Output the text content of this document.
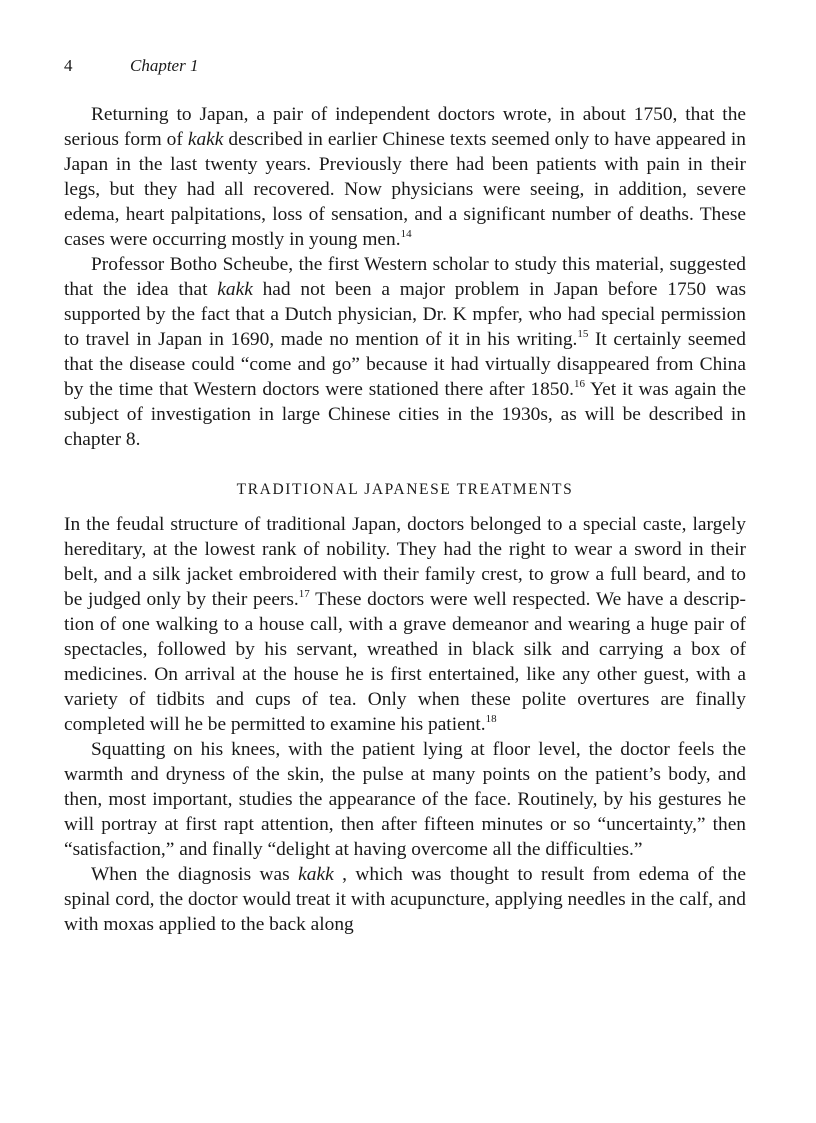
4	Chapter 1

Returning to Japan, a pair of independent doctors wrote, in about 1750, that the serious form of kakk described in earlier Chinese texts seemed only to have appeared in Japan in the last twenty years. Previously there had been patients with pain in their legs, but they had all recovered. Now physicians were seeing, in addition, severe edema, heart palpitations, loss of sensation, and a significant number of deaths. These cases were occurring mostly in young men.$^{14}$

Professor Botho Scheube, the first Western scholar to study this material, suggested that the idea that kakk had not been a major problem in Japan before 1750 was supported by the fact that a Dutch physician, Dr. K mpfer, who had special permission to travel in Japan in 1690, made no mention of it in his writing.$^{15}$ It certainly seemed that the disease could “come and go” because it had virtually disappeared from China by the time that Western doctors were stationed there after 1850.16 Yet it was again the subject of investigation in large Chinese cities in the 1930s, as will be described in chapter 8.

TRADITIONAL JAPANESE TREATMENTS

In the feudal structure of traditional Japan, doctors belonged to a special caste, largely hereditary, at the lowest rank of nobility. They had the right to wear a sword in their belt, and a silk jacket embroidered with their family crest, to grow a full beard, and to be judged only by their peers.$^{17}$ These doctors were well respected. We have a description of one walking to a house call, with a grave demeanor and wearing a huge pair of spectacles, followed by his servant, wreathed in black silk and carrying a box of medicines. On arrival at the house he is first entertained, like any other guest, with a variety of tidbits and cups of tea. Only when these polite overtures are finally completed will he be permitted to examine his patient.$^{18}$

Squatting on his knees, with the patient lying at floor level, the doctor feels the warmth and dryness of the skin, the pulse at many points on the patient’s body, and then, most important, studies the appearance of the face. Routinely, by his gestures he will portray at first rapt attention, then after fifteen minutes or so “uncertainty,” then “satisfaction,” and finally “delight at having overcome all the difficulties.”

When the diagnosis was kakk , which was thought to result from edema of the spinal cord, the doctor would treat it with acupuncture, applying needles in the calf, and with moxas applied to the back along
